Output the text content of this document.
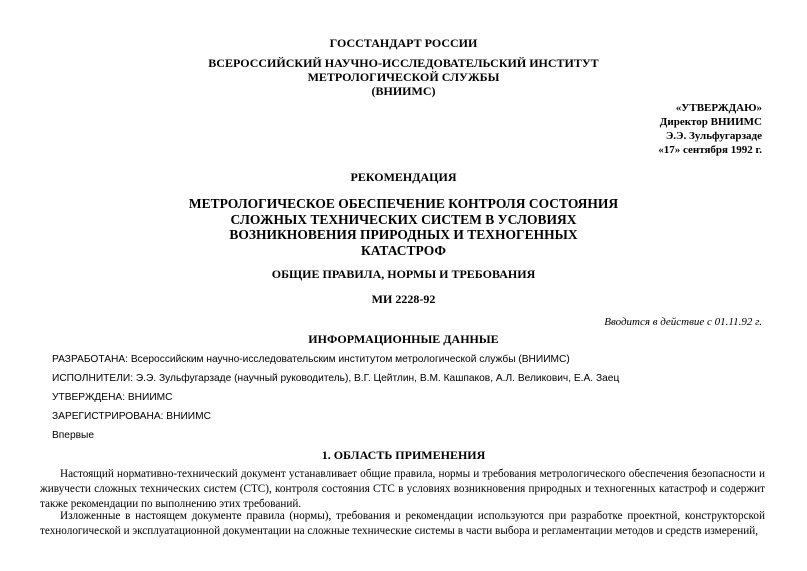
ГОССТАНДАРТ РОССИИ
ВСЕРОССИЙСКИЙ НАУЧНО-ИССЛЕДОВАТЕЛЬСКИЙ ИНСТИТУТ
МЕТРОЛОГИЧЕСКОЙ СЛУЖБЫ
(ВНИИМС)
«УТВЕРЖДАЮ»
Директор ВНИИМС
Э.Э. Зульфугарзаде
«17» сентября 1992 г.
РЕКОМЕНДАЦИЯ
МЕТРОЛОГИЧЕСКОЕ ОБЕСПЕЧЕНИЕ КОНТРОЛЯ СОСТОЯНИЯ
СЛОЖНЫХ ТЕХНИЧЕСКИХ СИСТЕМ В УСЛОВИЯХ
ВОЗНИКНОВЕНИЯ ПРИРОДНЫХ И ТЕХНОГЕННЫХ
КАТАСТРОФ
ОБЩИЕ ПРАВИЛА, НОРМЫ И ТРЕБОВАНИЯ
МИ 2228-92
Вводится в действие с 01.11.92 г.
ИНФОРМАЦИОННЫЕ ДАННЫЕ
РАЗРАБОТАНА: Всероссийским научно-исследовательским институтом метрологической службы (ВНИИМС)
ИСПОЛНИТЕЛИ: Э.Э. Зульфугарзаде (научный руководитель), В.Г. Цейтлин, В.М. Кашпаков, А.Л. Великович, Е.А. Заец
УТВЕРЖДЕНА: ВНИИМС
ЗАРЕГИСТРИРОВАНА: ВНИИМС
Впервые
1. ОБЛАСТЬ ПРИМЕНЕНИЯ
Настоящий нормативно-технический документ устанавливает общие правила, нормы и требования метрологического обеспечения безопасности и живучести сложных технических систем (СТС), контроля состояния СТС в условиях возникновения природных и техногенных катастроф и содержит также рекомендации по выполнению этих требований.
Изложенные в настоящем документе правила (нормы), требования и рекомендации используются при разработке проектной, конструкторской технологической и эксплуатационной документации на сложные технические системы в части выбора и регламентации методов и средств измерений,
